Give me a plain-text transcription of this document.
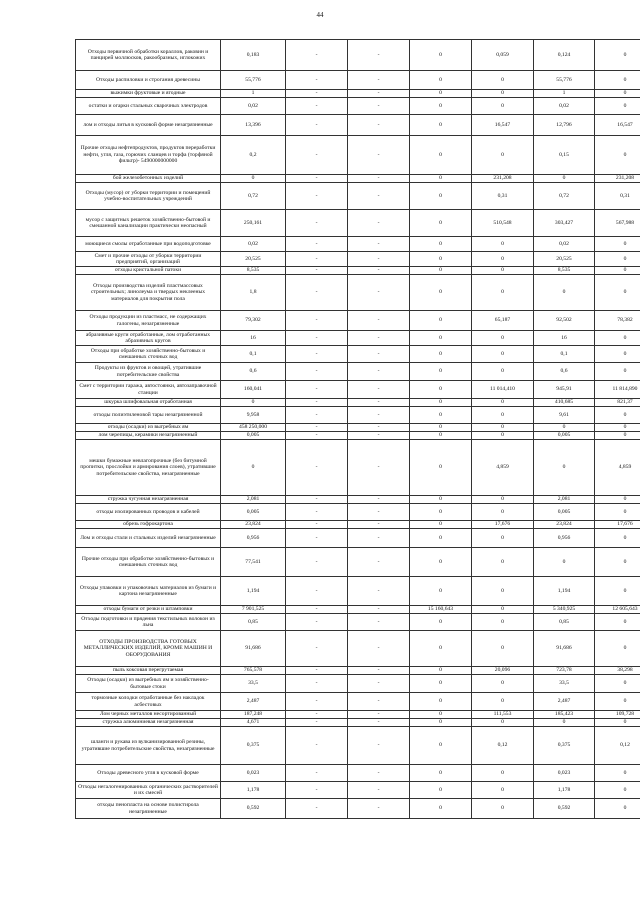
44
Отходы первичной обработки кораллов, раковин и панцирей моллюсков, ракообразных, иглокожих	0,183	-	-	0	0,059	0,124	0
Отходы распиловки и строгания древесины	55,776	-	-	0	0	55,776	0
выжимки фруктовые и ягодные	1	-	-	0	0	1	0
остатки и огарки стальных сварочных электродов	0,02	-	-	0	0	0,02	0
лом и отходы литья в кусковой форме незагрязненные	13,396	-	-	0	16,547	12,796	16,547
Прочие отходы нефтепродуктов, продуктов переработки нефти, угля, газа, горючих сланцев и торфа (торфяной фильтр)- 5490000000000	0,2	-	-	0	0	0,15	0
бой железобетонных изделий	0	-	-	0	231,208	0	231,208
Отходы (мусор) от уборки территории и помещений учебно-воспитательных учреждений	0,72	-	-	0	0,31	0,72	0,31
мусор с защитных решеток хозяйственно-бытовой и смешанной канализации практически неопасный	250,161	-	-	0	510,548	303,427	567,988
моющиеся смолы отработанные при водоподготовке	0,02	-	-	0	0	0,02	0
Смет и прочие отходы от уборки территории предприятий, организаций	20,525	-	-	0	0	20,525	0
отходы кристальной патоки	8,535	-	-	0	0	8,535	0
Отходы производства изделий пластмассовых строительных; линолеума и твердых неклееных материалов для покрытия пола	1,8	-	-	0	0	0	0
Отходы продукции из пластмасс, не содержащих галогены, незагрязненные	79,302	-	-	0	65,187	92,502	78,382
абразивные круги отработанные, лом отработанных абразивных кругов	16	-	-	0	0	16	0
Отходы при обработке хозяйственно-бытовых и смешанных сточных вод	0,1	-	-	0	0	0,1	0
Продукты из фруктов и овощей, утратившие потребительские свойства	0,6	-	-	0	0	0,6	0
Смет с территории гаража, автостоянки, автозаправочной станции	160,041	-	-	0	11 014,410	945,91	11 814,890
шкурка шлифовальная отработанная	0	-	-	0	0	410,685	821,37
отходы полиэтиленовой тары незагрязненной	9,958	-	-	0	0	9,61	0
отходы (осадки) из выгребных ям	458 250,000	-	-	0	0	0	0
лом черепицы, керамики незагрязненный	0,005	-	-	0	0	0,005	0
мешки бумажные невлагопрочные (без битумной пропитки, прослойки и армирования слоев), утратившие потребительские свойства, незагрязненные	0	-	-	0	4,859	0	4,859
стружка чугунная незагрязненная	2,081	-	-	0	0	2,081	0
отходы изолированных проводов и кабелей	0,005	-	-	0	0	0,005	0
обрезь гофрокартона	23,824	-	-	0	17,676	23,824	17,676
Лом и отходы стали и стальных изделий незагрязненные	0,956	-	-	0	0	0,956	0
Прочие отходы при обработке хозяйственно-бытовых и смешанных сточных вод	77,541	-	-	0	0	0	0
Отходы упаковки и упаковочных материалов из бумаги и картона незагрязненные	1,194	-	-	0	0	1,194	0
отходы бумаги от резки и штамповки	7 901,525	-	-	15 160,643	0	5 340,925	12 605,643
Отходы подготовки и прядения текстильных волокон из льна	0,85	-	-	0	0	0,85	0
ОТХОДЫ ПРОИЗВОДСТВА ГОТОВЫХ МЕТАЛЛИЧЕСКИХ ИЗДЕЛИЙ, КРОМЕ МАШИН И ОБОРУДОВАНИЯ	91,686	-	-	0	0	91,686	0
пыль коксовая перегрутаемая	765,578	-	-	0	20,096	723,78	38,298
Отходы (осадки) из выгребных ям и хозяйственно-бытовые стоки	33,5	-	-	0	0	33,5	0
тормозные колодки отработанные без накладок асбестовых	2,487	-	-	0	0	2,487	0
Лом черных металлов несортированный	187,248	-	-	0	111,553	185,423	109,728
стружка алюминиевая незагрязненная	4,671	-	-	0	0	0	0
шланги и рукава из вулканизированной резины, утратившие потребительские свойства, незагрязненные	0,375	-	-	0	0,12	0,375	0,12
Отходы древесного угля в кусковой форме	0,023	-	-	0	0	0,023	0
Отходы негалогенированных органических растворителей и их смесей	1,178	-	-	0	0	1,178	0
отходы пенопласта на основе полистирола незагрязненные	0,592	-	-	0	0	0,592	0
